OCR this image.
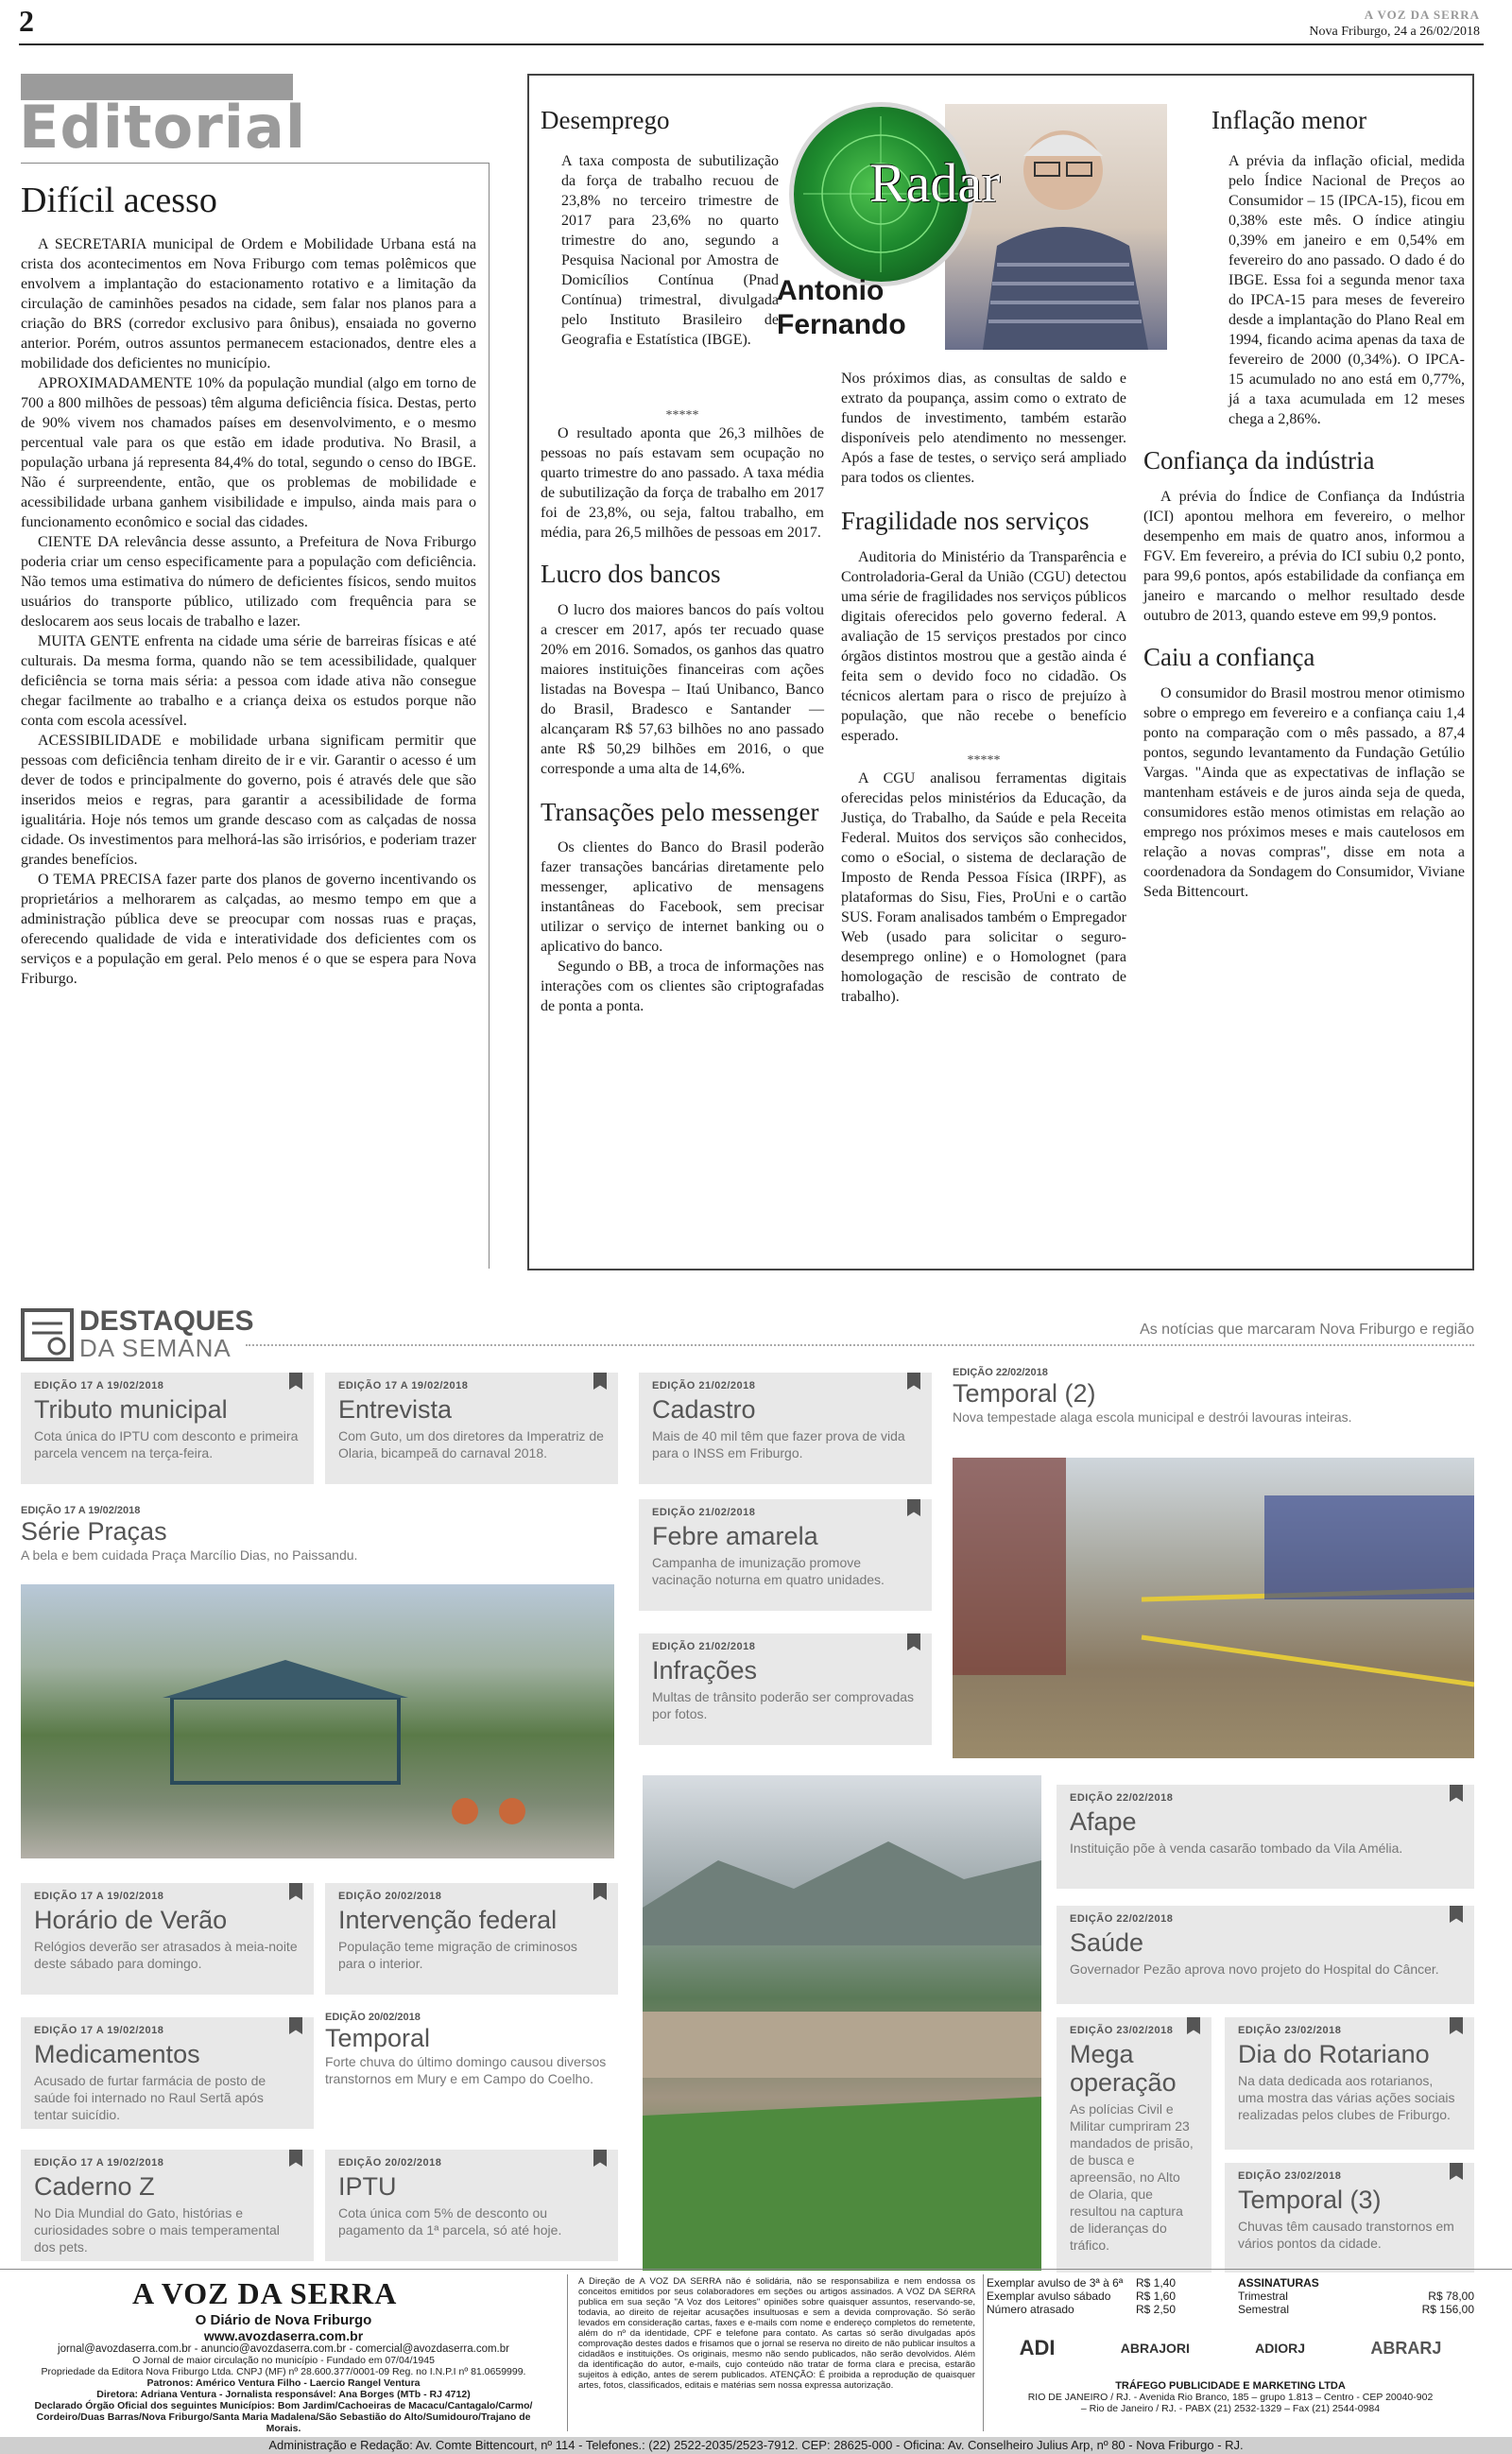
2	A VOZ DA SERRA
Nova Friburgo, 24 a 26/02/2018
Editorial
Difícil acesso

A SECRETARIA municipal de Ordem e Mobilidade Urbana está na crista dos acontecimentos em Nova Friburgo com temas polêmicos que envolvem a implantação do estacionamento rotativo e a limitação da circulação de caminhões pesados na cidade, sem falar nos planos para a criação do BRS (corredor exclusivo para ônibus), ensaiada no governo anterior. Porém, outros assuntos permanecem estacionados, dentre eles a mobilidade dos deficientes no município.

APROXIMADAMENTE 10% da população mundial (algo em torno de 700 a 800 milhões de pessoas) têm alguma deficiência física. Destas, perto de 90% vivem nos chamados países em desenvolvimento, e o mesmo percentual vale para os que estão em idade produtiva. No Brasil, a população urbana já representa 84,4% do total, segundo o censo do IBGE. Não é surpreendente, então, que os problemas de mobilidade e acessibilidade urbana ganhem visibilidade e impulso, ainda mais para o funcionamento econômico e social das cidades.

CIENTE DA relevância desse assunto, a Prefeitura de Nova Friburgo poderia criar um censo especificamente para a população com deficiência. Não temos uma estimativa do número de deficientes físicos, sendo muitos usuários do transporte público, utilizado com frequência para se deslocarem aos seus locais de trabalho e lazer.

MUITA GENTE enfrenta na cidade uma série de barreiras físicas e até culturais. Da mesma forma, quando não se tem acessibilidade, qualquer deficiência se torna mais séria: a pessoa com idade ativa não consegue chegar facilmente ao trabalho e a criança deixa os estudos porque não conta com escola acessível.

ACESSIBILIDADE e mobilidade urbana significam permitir que pessoas com deficiência tenham direito de ir e vir. Garantir o acesso é um dever de todos e principalmente do governo, pois é através dele que são inseridos meios e regras, para garantir a acessibilidade de forma igualitária. Hoje nós temos um grande descaso com as calçadas de nossa cidade. Os investimentos para melhorá-las são irrisórios, e poderiam trazer grandes benefícios.

O TEMA PRECISA fazer parte dos planos de governo incentivando os proprietários a melhorarem as calçadas, ao mesmo tempo em que a administração pública deve se preocupar com nossas ruas e praças, oferecendo qualidade de vida e interatividade dos deficientes com os serviços e a população em geral. Pelo menos é o que se espera para Nova Friburgo.

Radar
Antonio Fernando
Desemprego

A taxa composta de subutilização da força de trabalho recuou de 23,8% no terceiro trimestre de 2017 para 23,6% no quarto trimestre do ano, segundo a Pesquisa Nacional por Amostra de Domicílios Contínua (Pnad Contínua) trimestral, divulgada pelo Instituto Brasileiro de Geografia e Estatística (IBGE).

*****

O resultado aponta que 26,3 milhões de pessoas no país estavam sem ocupação no quarto trimestre do ano passado. A taxa média de subutilização da força de trabalho em 2017 foi de 23,8%, ou seja, faltou trabalho, em média, para 26,5 milhões de pessoas em 2017.

Lucro dos bancos

O lucro dos maiores bancos do país voltou a crescer em 2017, após ter recuado quase 20% em 2016. Somados, os ganhos das quatro maiores instituições financeiras com ações listadas na Bovespa – Itaú Unibanco, Banco do Brasil, Bradesco e Santander — alcançaram R$ 57,63 bilhões no ano passado ante R$ 50,29 bilhões em 2016, o que corresponde a uma alta de 14,6%.

Transações pelo messenger

Os clientes do Banco do Brasil poderão fazer transações bancárias diretamente pelo messenger, aplicativo de mensagens instantâneas do Facebook, sem precisar utilizar o serviço de internet banking ou o aplicativo do banco.

Segundo o BB, a troca de informações nas interações com os clientes são criptografadas de ponta a ponta.

Nos próximos dias, as consultas de saldo e extrato da poupança, assim como o extrato de fundos de investimento, também estarão disponíveis pelo atendimento no messenger. Após a fase de testes, o serviço será ampliado para todos os clientes.

Fragilidade nos serviços

Auditoria do Ministério da Transparência e Controladoria-Geral da União (CGU) detectou uma série de fragilidades nos serviços públicos digitais oferecidos pelo governo federal. A avaliação de 15 serviços prestados por cinco órgãos distintos mostrou que a gestão ainda é feita sem o devido foco no cidadão. Os técnicos alertam para o risco de prejuízo à população, que não recebe o benefício esperado.

*****

A CGU analisou ferramentas digitais oferecidas pelos ministérios da Educação, da Justiça, do Trabalho, da Saúde e pela Receita Federal. Muitos dos serviços são conhecidos, como o eSocial, o sistema de declaração de Imposto de Renda Pessoa Física (IRPF), as plataformas do Sisu, Fies, ProUni e o cartão SUS. Foram analisados também o Empregador Web (usado para solicitar o seguro-desemprego online) e o Homolognet (para homologação de rescisão de contrato de trabalho).

Inflação menor

A prévia da inflação oficial, medida pelo Índice Nacional de Preços ao Consumidor – 15 (IPCA-15), ficou em 0,38% este mês. O índice atingiu 0,39% em janeiro e em 0,54% em fevereiro do ano passado. O dado é do IBGE. Essa foi a segunda menor taxa do IPCA-15 para meses de fevereiro desde a implantação do Plano Real em 1994, ficando acima apenas da taxa de fevereiro de 2000 (0,34%). O IPCA-15 acumulado no ano está em 0,77%, já a taxa acumulada em 12 meses chega a 2,86%.

Confiança da indústria

A prévia do Índice de Confiança da Indústria (ICI) apontou melhora em fevereiro, o melhor desempenho em mais de quatro anos, informou a FGV. Em fevereiro, a prévia do ICI subiu 0,2 ponto, para 99,6 pontos, após estabilidade da confiança em janeiro e marcando o melhor resultado desde outubro de 2013, quando esteve em 99,9 pontos.

Caiu a confiança

O consumidor do Brasil mostrou menor otimismo sobre o emprego em fevereiro e a confiança caiu 1,4 ponto na comparação com o mês passado, a 87,4 pontos, segundo levantamento da Fundação Getúlio Vargas. "Ainda que as expectativas de inflação se mantenham estáveis e de juros ainda seja de queda, consumidores estão menos otimistas em relação ao emprego nos próximos meses e mais cautelosos em relação a novas compras", disse em nota a coordenadora da Sondagem do Consumidor, Viviane Seda Bittencourt.

DESTAQUES
DA SEMANA
As notícias que marcaram Nova Friburgo e região
EDIÇÃO 17 A 19/02/2018
Tributo municipal
Cota única do IPTU com desconto e primeira parcela vencem na terça-feira.
EDIÇÃO 17 A 19/02/2018
Entrevista
Com Guto, um dos diretores da Imperatriz de Olaria, bicampeã do carnaval 2018.
EDIÇÃO 21/02/2018
Cadastro
Mais de 40 mil têm que fazer prova de vida para o INSS em Friburgo.
EDIÇÃO 22/02/2018
Temporal (2)
Nova tempestade alaga escola municipal e destrói lavouras inteiras.
EDIÇÃO 17 A 19/02/2018
Série Praças
A bela e bem cuidada Praça Marcílio Dias, no Paissandu.
EDIÇÃO 21/02/2018
Febre amarela
Campanha de imunização promove vacinação noturna em quatro unidades.
EDIÇÃO 21/02/2018
Infrações
Multas de trânsito poderão ser comprovadas por fotos.
EDIÇÃO 22/02/2018
Afape
Instituição põe à venda casarão tombado da Vila Amélia.
EDIÇÃO 17 A 19/02/2018
Horário de Verão
Relógios deverão ser atrasados à meia-noite deste sábado para domingo.
EDIÇÃO 20/02/2018
Intervenção federal
População teme migração de criminosos para o interior.
EDIÇÃO 22/02/2018
Saúde
Governador Pezão aprova novo projeto do Hospital do Câncer.
EDIÇÃO 17 A 19/02/2018
Medicamentos
Acusado de furtar farmácia de posto de saúde foi internado no Raul Sertã após tentar suicídio.
EDIÇÃO 20/02/2018
Temporal
Forte chuva do último domingo causou diversos transtornos em Mury e em Campo do Coelho.
EDIÇÃO 23/02/2018
Mega operação
As polícias Civil e Militar cumpriram 23 mandados de prisão, de busca e apreensão, no Alto de Olaria, que resultou na captura de lideranças do tráfico.
EDIÇÃO 23/02/2018
Dia do Rotariano
Na data dedicada aos rotarianos, uma mostra das várias ações sociais realizadas pelos clubes de Friburgo.
EDIÇÃO 17 A 19/02/2018
Caderno Z
No Dia Mundial do Gato, histórias e curiosidades sobre o mais temperamental dos pets.
EDIÇÃO 20/02/2018
IPTU
Cota única com 5% de desconto ou pagamento da 1ª parcela, só até hoje.
EDIÇÃO 23/02/2018
Temporal (3)
Chuvas têm causado transtornos em vários pontos da cidade.
A VOZ DA SERRA
O Diário de Nova Friburgo
www.avozdaserra.com.br
jornal@avozdaserra.com.br - anuncio@avozdaserra.com.br - comercial@avozdaserra.com.br
O Jornal de maior circulação no município - Fundado em 07/04/1945
Propriedade da Editora Nova Friburgo Ltda. CNPJ (MF) nº 28.600.377/0001-09 Reg. no I.N.P.I nº 81.0659999.
Patronos: Américo Ventura Filho - Laercio Rangel Ventura
Diretora: Adriana Ventura - Jornalista responsável: Ana Borges (MTb - RJ 4712)
Declarado Órgão Oficial dos seguintes Municípios: Bom Jardim/Cachoeiras de Macacu/Cantagalo/Carmo/
Cordeiro/Duas Barras/Nova Friburgo/Santa Maria Madalena/São Sebastião do Alto/Sumidouro/Trajano de Morais.
A Direção de A VOZ DA SERRA não é solidária, não se responsabiliza e nem endossa os conceitos emitidos por seus colaboradores em seções ou artigos assinados. A VOZ DA SERRA publica em sua seção "A Voz dos Leitores" opiniões sobre quaisquer assuntos, reservando-se, todavia, ao direito de rejeitar acusações insultuosas e sem a devida comprovação. Só serão levados em consideração cartas, faxes e e-mails com nome e endereço completos do remetente, além do nº da identidade, CPF e telefone para contato. As cartas só serão divulgadas após comprovação destes dados e frisamos que o jornal se reserva no direito de não publicar insultos a cidadãos e instituições. Os originais, mesmo não sendo publicados, não serão devolvidos. Além da identificação do autor, e-mails, cujo conteúdo não tratar de forma clara e precisa, estarão sujeitos à edição, antes de serem publicados. ATENÇÃO: É proibida a reprodução de quaisquer artes, fotos, classificados, editais e matérias sem nossa expressa autorização.
Exemplar avulso de 3ª à 6ª R$ 1,40
Exemplar avulso sábado R$ 1,60
Número atrasado	R$ 2,50
ASSINATURAS
Trimestral	R$ 78,00
Semestral	R$ 156,00
ADI	ABRAJORI	ADIORJ	ABRARJ
TRÁFEGO PUBLICIDADE E MARKETING LTDA
RIO DE JANEIRO / RJ. - Avenida Rio Branco, 185 – grupo 1.813 – Centro - CEP 20040-902
– Rio de Janeiro / RJ. - PABX (21) 2532-1329 – Fax (21) 2544-0984
Administração e Redação: Av. Comte Bittencourt, nº 114 - Telefones.: (22) 2522-2035/2523-7912. CEP: 28625-000 - Oficina: Av. Conselheiro Julius Arp, nº 80 - Nova Friburgo - RJ.
